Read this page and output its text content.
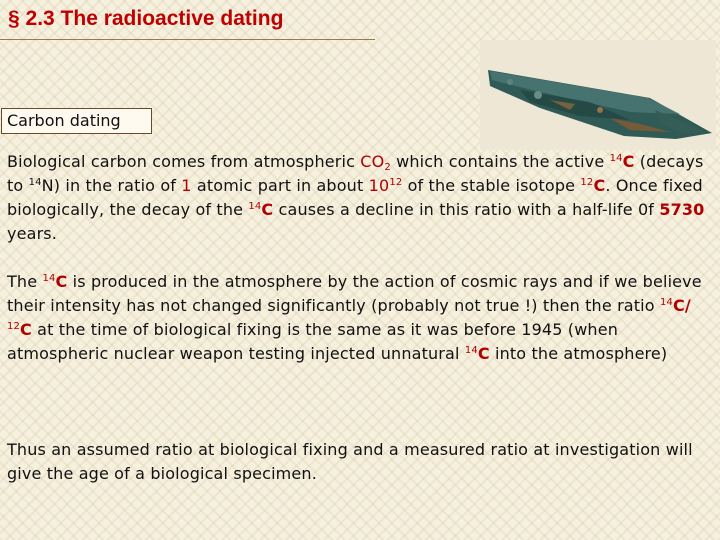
§ 2.3 The radioactive dating
Carbon dating

Biological carbon comes from atmospheric $CO_2$ which contains the active $^{14}$C (decays to $^{14}$N) in the ratio of 1 atomic part in about $10^{12}$ of the stable isotope $^{12}$C. Once fixed biologically, the decay of the $^{14}$C causes a decline in this ratio with a half-life 0f 5730 years.

The $^{14}$C is produced in the atmosphere by the action of cosmic rays and if we believe their intensity has not changed significantly (probably not true !) then the ratio $^{14}$C/ $^{12}$C at the time of biological fixing is the same as it was before 1945 (when atmospheric nuclear weapon testing injected unnatural $^{14}$C into the atmosphere)

Thus an assumed ratio at biological fixing and a measured ratio at investigation will give the age of a biological specimen.
